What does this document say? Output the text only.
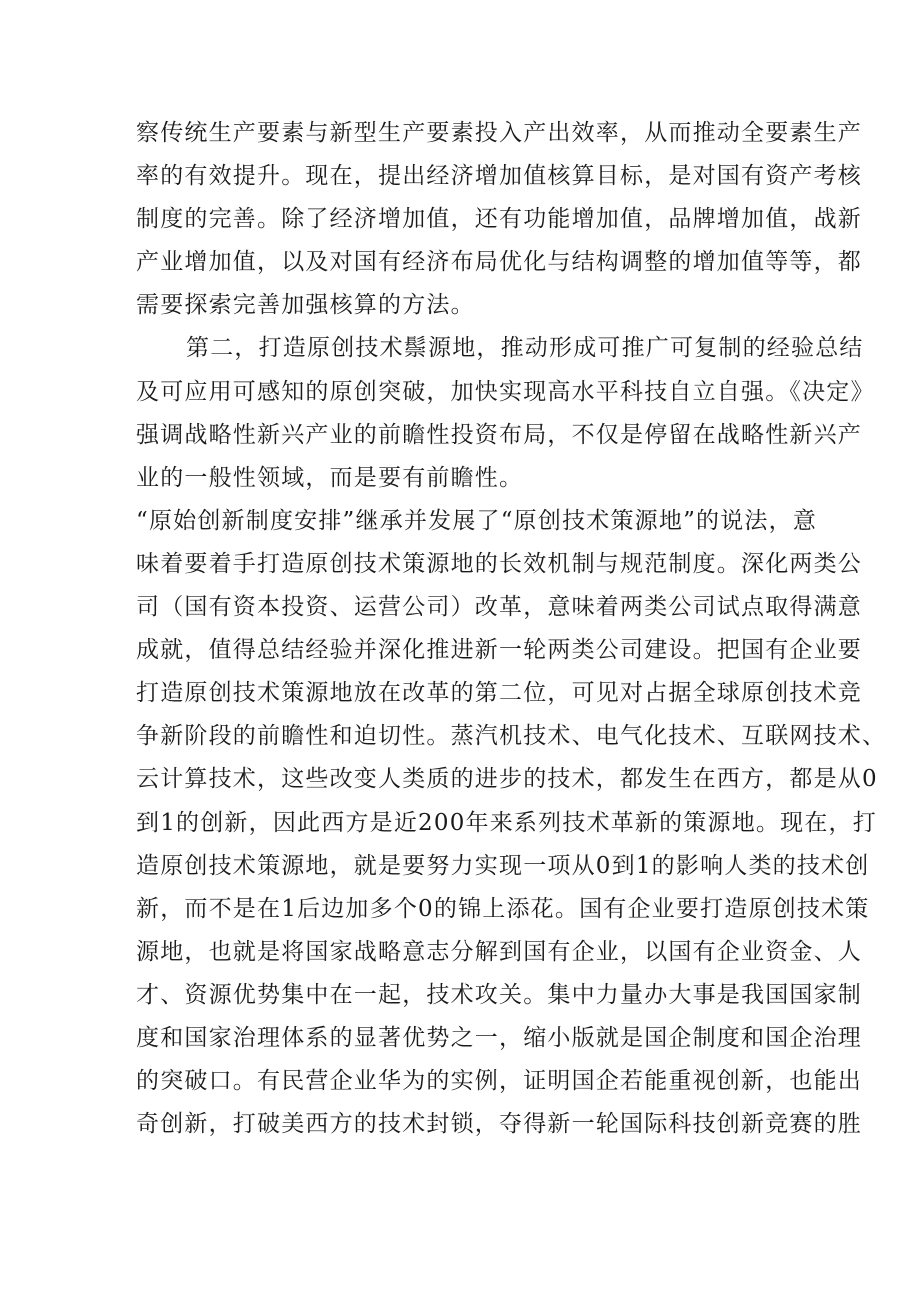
察传统生产要素与新型生产要素投入产出效率，从而推动全要素生产
率的有效提升。现在，提出经济增加值核算目标，是对国有资产考核
制度的完善。除了经济增加值，还有功能增加值，品牌增加值，战新
产业增加值，以及对国有经济布局优化与结构调整的增加值等等，都
需要探索完善加强核算的方法。
第二，打造原创技术鬃源地，推动形成可推广可复制的经验总结
及可应用可感知的原创突破，加快实现高水平科技自立自强。《决定》
强调战略性新兴产业的前瞻性投资布局，不仅是停留在战略性新兴产
业的一般性领域，而是要有前瞻性。
“原始创新制度安排”继承并发展了“原创技术策源地”的说法，意
味着要着手打造原创技术策源地的长效机制与规范制度。深化两类公
司（国有资本投资、运营公司）改革，意味着两类公司试点取得满意
成就，值得总结经验并深化推进新一轮两类公司建设。把国有企业要
打造原创技术策源地放在改革的第二位，可见对占据全球原创技术竞
争新阶段的前瞻性和迫切性。蒸汽机技术、电气化技术、互联网技术、
云计算技术，这些改变人类质的进步的技术，都发生在西方，都是从0
到1的创新，因此西方是近200年来系列技术革新的策源地。现在，打
造原创技术策源地，就是要努力实现一项从0到1的影响人类的技术创
新，而不是在1后边加多个0的锦上添花。国有企业要打造原创技术策
源地，也就是将国家战略意志分解到国有企业，以国有企业资金、人
才、资源优势集中在一起，技术攻关。集中力量办大事是我国国家制
度和国家治理体系的显著优势之一，缩小版就是国企制度和国企治理
的突破口。有民营企业华为的实例，证明国企若能重视创新，也能出
奇创新，打破美西方的技术封锁，夺得新一轮国际科技创新竞赛的胜
